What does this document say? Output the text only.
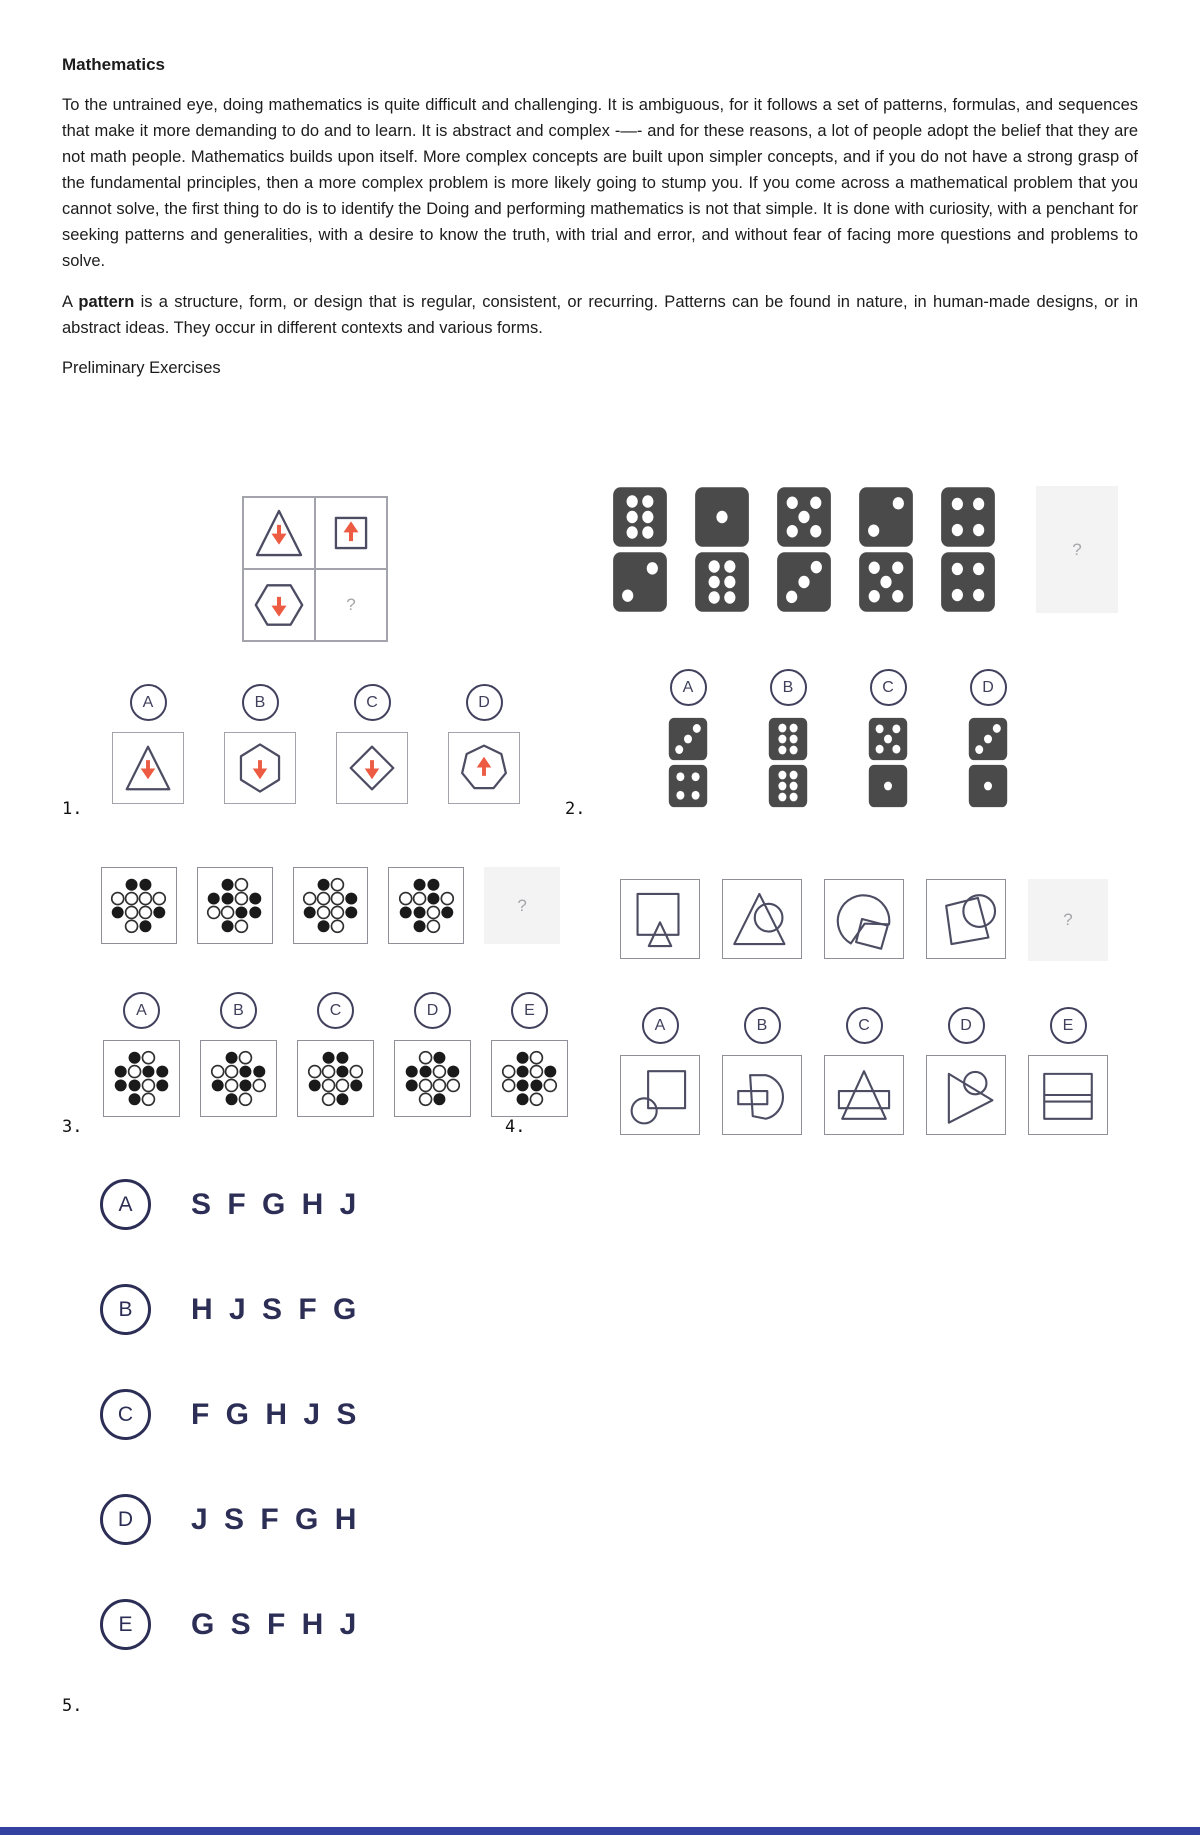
Mathematics

To the untrained eye, doing mathematics is quite difficult and challenging. It is ambiguous, for it follows a set of patterns, formulas, and sequences that make it more demanding to do and to learn. It is abstract and complex -—- and for these reasons, a lot of people adopt the belief that they are not math people. Mathematics builds upon itself. More complex concepts are built upon simpler concepts, and if you do not have a strong grasp of the fundamental principles, then a more complex problem is more likely going to stump you. If you come across a mathematical problem that you cannot solve, the first thing to do is to identify the Doing and performing mathematics is not that simple. It is done with curiosity, with a penchant for seeking patterns and generalities, with a desire to know the truth, with trial and error, and without fear of facing more questions and problems to solve.

A pattern is a structure, form, or design that is regular, consistent, or recurring. Patterns can be found in nature, in human-made designs, or in abstract ideas. They occur in different contexts and various forms.

Preliminary Exercises

?
A	B	C	D
1.
?
A	B	C	D
2.
?
A	B	C	D	E
3.
?
A	B	C	D	E
4.
A	S F G H J
B	H J S F G
C	F G H J S
D	J S F G H
E	G S F H J
5.
